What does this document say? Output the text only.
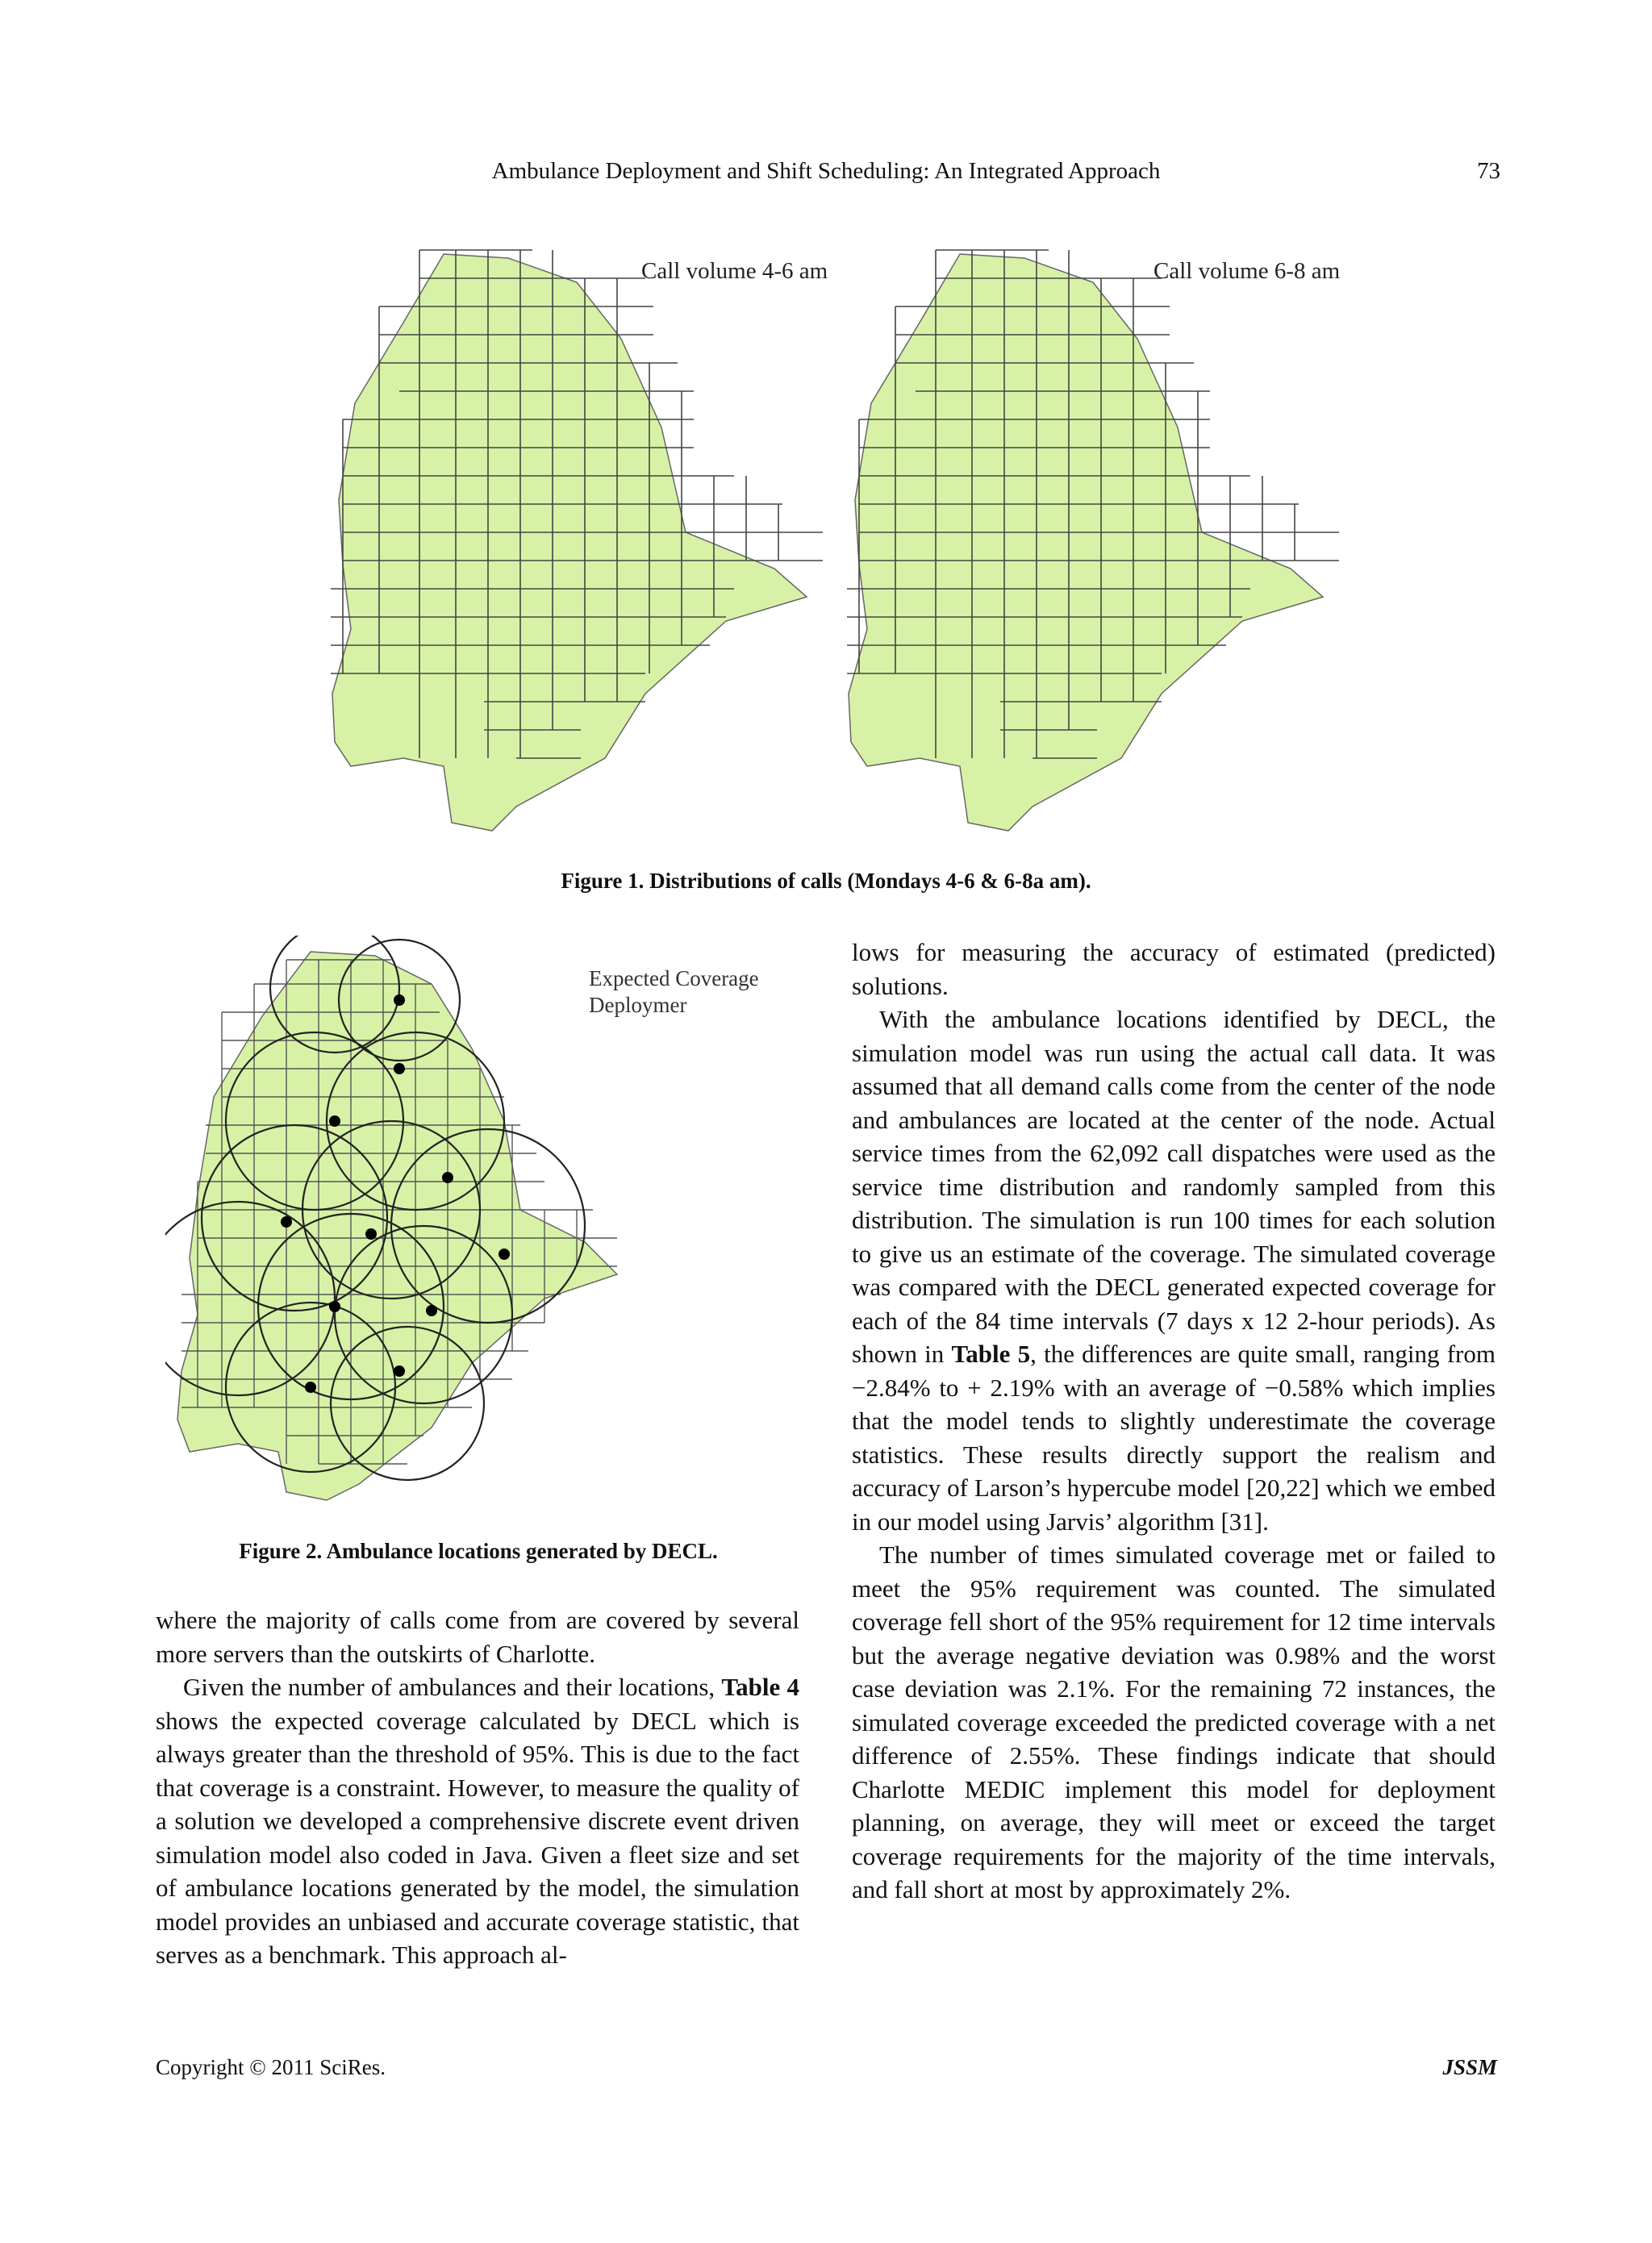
Ambulance Deployment and Shift Scheduling: An Integrated Approach	73
Call volume 4-6 am	Call volume 6-8 am
Figure 1. Distributions of calls (Mondays 4-6 & 6-8a am).
Expected Coverage
Deploymer
Figure 2. Ambulance locations generated by DECL.

where the majority of calls come from are covered by several more servers than the outskirts of Charlotte.

Given the number of ambulances and their locations, Table 4 shows the expected coverage calculated by DECL which is always greater than the threshold of 95%. This is due to the fact that coverage is a constraint. However, to measure the quality of a solution we developed a comprehensive discrete event driven simulation model also coded in Java. Given a fleet size and set of ambulance locations generated by the model, the simulation model provides an unbiased and accurate coverage statistic, that serves as a benchmark. This approach al-

lows for measuring the accuracy of estimated (predicted) solutions.

With the ambulance locations identified by DECL, the simulation model was run using the actual call data. It was assumed that all demand calls come from the center of the node and ambulances are located at the center of the node. Actual service times from the 62,092 call dispatches were used as the service time distribution and randomly sampled from this distribution. The simulation is run 100 times for each solution to give us an estimate of the coverage. The simulated coverage was compared with the DECL generated expected coverage for each of the 84 time intervals (7 days x 12 2-hour periods). As shown in Table 5, the differences are quite small, ranging from −2.84% to + 2.19% with an average of −0.58% which implies that the model tends to slightly underestimate the coverage statistics. These results directly support the realism and accuracy of Larson’s hypercube model [20,22] which we embed in our model using Jarvis’ algorithm [31].

The number of times simulated coverage met or failed to meet the 95% requirement was counted. The simulated coverage fell short of the 95% requirement for 12 time intervals but the average negative deviation was 0.98% and the worst case deviation was 2.1%. For the remaining 72 instances, the simulated coverage exceeded the predicted coverage with a net difference of 2.55%. These findings indicate that should Charlotte MEDIC implement this model for deployment planning, on average, they will meet or exceed the target coverage requirements for the majority of the time intervals, and fall short at most by approximately 2%.

Copyright © 2011 SciRes.	JSSM
